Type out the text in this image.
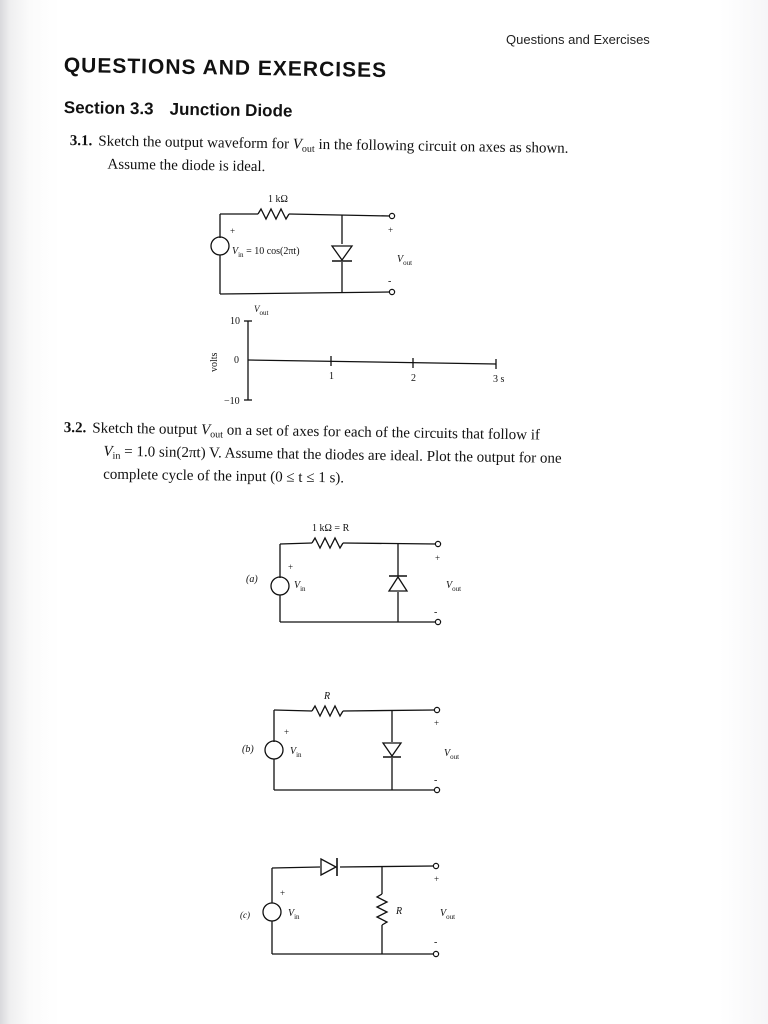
Questions and Exercises
QUESTIONS AND EXERCISES
Section 3.3 Junction Diode
3.1. Sketch the output waveform for $V_{out}$ in the following circuit on axes as shown.
Assume the diode is ideal.
1 kΩ
+
$V_{in} = 10$ cos(2πt)
+
-
$V_{out}$
$V_{out}$
10
0
−10
volts
1	2	3 s
3.2. Sketch the output $V_{out}$ on a set of axes for each of the circuits that follow if
$V_{in} = 1.0$ sin(2πt) V. Assume that the diodes are ideal. Plot the output for one
complete cycle of the input (0 ≤ t ≤ 1 s).
1 kΩ = R
(a)
+
$V_{in}$
+
-
$V_{out}$
R
(b)
+
$V_{in}$
+
-
$V_{out}$
R
(c)
+
$V_{in}$
+
-
$V_{out}$
